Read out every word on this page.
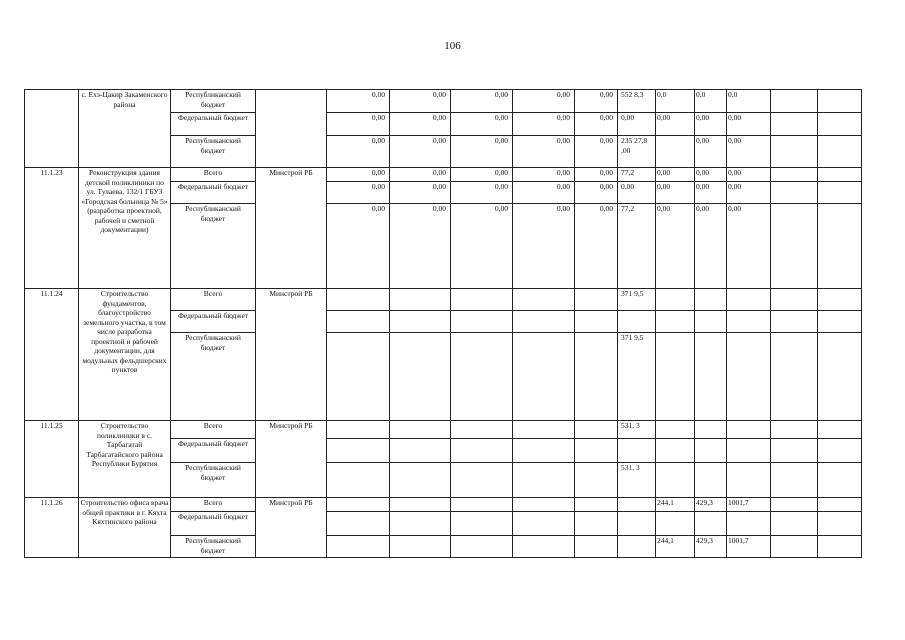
106
	с. Ехэ-Цакир Закаменского района	Республиканский бюджет		0,00	0,00	0,00	0,00	0,00	552 8,3	0,0	0,0	0,0		
		Федеральный бюджет		0,00	0,00	0,00	0,00	0,00	0,00	0,00	0,00	0,00		
		Республиканский бюджет		0,00	0,00	0,00	0,00	0,00	235 27,8 ,00		0,00	0,00		
11.1.23	Реконструкция здания детской поликлиники по ул. Тулаева, 132/1 ГБУЗ «Городская больница № 5» (разработка проектной, рабочей и сметной документации)	Всего	Минстрой РБ	0,00	0,00	0,00	0,00	0,00	77,2	0,00	0,00	0,00		
		Федеральный бюджет		0,00	0,00	0,00	0,00	0,00	0,00	0,00	0,00	0,00		
		Республиканский бюджет		0,00	0,00	0,00	0,00	0,00	77,2	0,00	0,00	0,00		
11.1.24	Строительство фундаментов, благоустройство земельного участка, в том числе разработка проектной и рабочей документации, для модульных фельдшерских пунктов	Всего	Минстрой РБ						371 9,5					
		Федеральный бюджет												
		Республиканский бюджет							371 9,5					
11.1.25	Строительство поликлиники в с. Тарбагатай Тарбагатайского района Республики Бурятия	Всего	Минстрой РБ						531, 3					
		Федеральный бюджет												
		Республиканский бюджет							531, 3					
11.1.26	Строительство офиса врача общей практики в г. Кяхта Кяхтинского района	Всего	Минстрой РБ							244,1	429,3	1001,7		
		Федеральный бюджет												
		Республиканский бюджет								244,1	429,3	1001,7		
